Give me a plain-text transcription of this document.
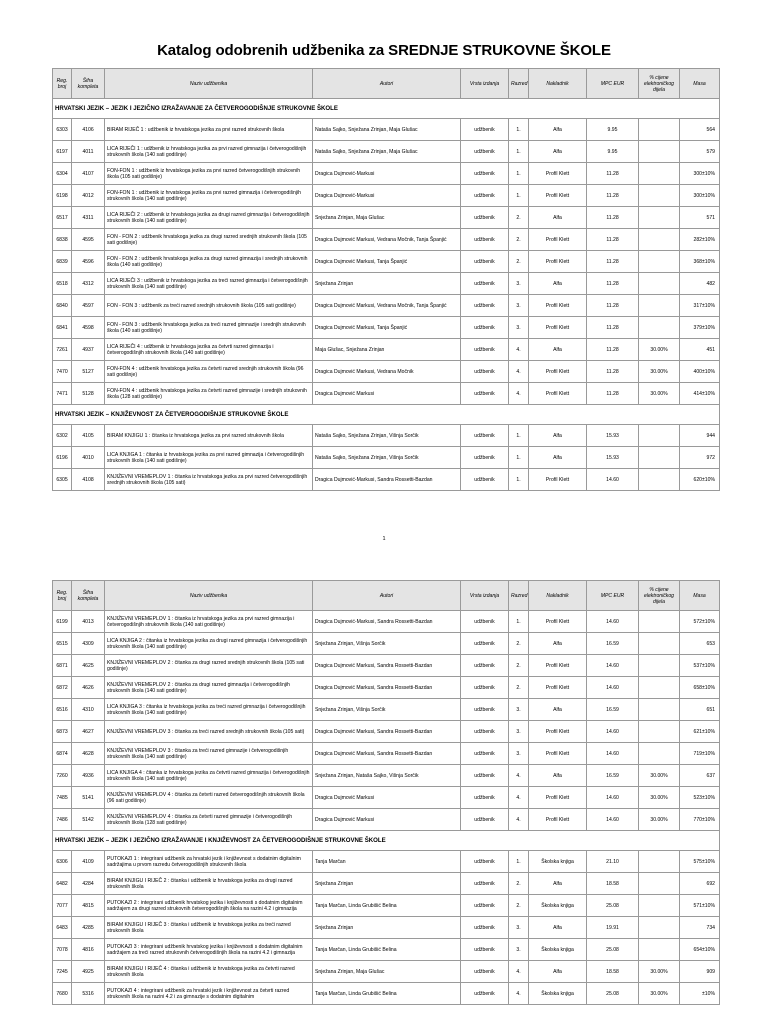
Katalog odobrenih udžbenika za SREDNJE STRUKOVNE ŠKOLE
Reg. broj	Šifra kompleta	Naziv udžbenika	Autori	Vrsta izdanja	Razred	Nakladnik	MPC EUR	% cijene elektroničkog dijela	Masa
HRVATSKI JEZIK – JEZIK I JEZIČNO IZRAŽAVANJE ZA ČETVEROGODIŠNJE STRUKOVNE ŠKOLE									
6303	4106	BIRAM RIJEČ 1 : udžbenik iz hrvatskoga jezika za prvi razred strukovnih škola	Nataša Sajko, Snježana Zrinjan, Maja Glušac	udžbenik	1.	Alfa	9.95		564
6197	4011	LICA RIJEČI 1 : udžbenik iz hrvatskoga jezika za prvi razred gimnazija i četverogodišnjih strukovnih škola (140 sati godišnje)	Nataša Sajko, Snježana Zrinjan, Maja Glušac	udžbenik	1.	Alfa	9.95		579
6304	4107	FON-FON 1 : udžbenik iz hrvatskoga jezika za prvi razred četverogodišnjih strukovnih škola (105 sati godišnje)	Dragica Dujmović-Markusi	udžbenik	1.	Profil Klett	11.28		300±10%
6198	4012	FON-FON 1 : udžbenik iz hrvatskoga jezika za prvi razred gimnazija i četverogodišnjih strukovnih škola (140 sati godišnje)	Dragica Dujmović-Markusi	udžbenik	1.	Profil Klett	11.28		300±10%
6517	4311	LICA RIJEČI 2 : udžbenik iz hrvatskoga jezika za drugi razred gimnazija i četverogodišnjih strukovnih škola (140 sati godišnje)	Snježana Zrinjan, Maja Glušac	udžbenik	2.	Alfa	11.28		571
6838	4595	FON - FON 2 : udžbenik hrvatskoga jezika za drugi razred srednjih strukovnih škola (105 sati godišnje)	Dragica Dujmović Markusi, Vedrana Močnik, Tanja Španjić	udžbenik	2.	Profil Klett	11.28		282±10%
6839	4596	FON - FON 2 : udžbenik hrvatskoga jezika za drugi razred gimnazija i srednjih strukovnih škola (140 sati godišnje)	Dragica Dujmović Markusi, Tanja Španjić	udžbenik	2.	Profil Klett	11.28		368±10%
6518	4312	LICA RIJEČI 3 : udžbenik iz hrvatskoga jezika za treći razred gimnazija i četverogodišnjih strukovnih škola (140 sati godišnje)	Snježana Zrinjan	udžbenik	3.	Alfa	11.28		482
6840	4597	FON - FON 3 : udžbenik za treći razred srednjih strukovnih škola (105 sati godišnje)	Dragica Dujmović Markusi, Vedrana Močnik, Tanja Španjić	udžbenik	3.	Profil Klett	11.28		317±10%
6841	4598	FON - FON 3 : udžbenik hrvatskoga jezika za treći razred gimnazije i srednjih strukovnih škola (140 sati godišnje)	Dragica Dujmović Markusi, Tanja Španjić	udžbenik	3.	Profil Klett	11.28		379±10%
7261	4937	LICA RIJEČI 4 : udžbenik iz hrvatskoga jezika za četvrti razred gimnazija i četverogodišnjih strukovnih škola (140 sati godišnje)	Maja Glušac, Snježana Zrinjan	udžbenik	4.	Alfa	11.28	30.00%	451
7470	5127	FON-FON 4 : udžbenik hrvatskoga jezika za četvrti razred srednjih strukovnih škola (96 sati godišnje)	Dragica Dujmović Markusi, Vedrana Močnik	udžbenik	4.	Profil Klett	11.28	30.00%	400±10%
7471	5128	FON-FON 4 : udžbenik hrvatskoga jezika za četvrti razred gimnazije i srednjih strukovnih škola (128 sati godišnje)	Dragica Dujmović Markusi	udžbenik	4.	Profil Klett	11.28	30.00%	414±10%
HRVATSKI JEZIK – KNJIŽEVNOST ZA ČETVEROGODIŠNJE STRUKOVNE ŠKOLE									
6302	4105	BIRAM KNJIGU 1 : čitanka iz hrvatskoga jezika za prvi razred strukovnih škola	Nataša Sajko, Snježana Zrinjan, Višnja Sorčik	udžbenik	1.	Alfa	15.93		944
6196	4010	LICA KNJIGA 1 : čitanka iz hrvatskoga jezika za prvi razred gimnazija i četverogodišnjih strukovnih škola (140 sati godišnje)	Nataša Sajko, Snježana Zrinjan, Višnja Sorčik	udžbenik	1.	Alfa	15.93		972
6305	4108	KNJIŽEVNI VREMEPLOV 1 : čitanka iz hrvatskoga jezika za prvi razred četverogodišnjih srednjih strukovnih škola (105 sati)	Dragica Dujmović-Markusi, Sandra Rossetti-Bazdan	udžbenik	1.	Profil Klett	14.60		620±10%
1
Reg. broj	Šifra kompleta	Naziv udžbenika	Autori	Vrsta izdanja	Razred	Nakladnik	MPC EUR	% cijene elektroničkog dijela	Masa
6199	4013	KNJIŽEVNI VREMEPLOV 1 : čitanka iz hrvatskoga jezika za prvi razred gimnazija i četverogodišnjih strukovnih škola (140 sati godišnje)	Dragica Dujmović-Markusi, Sandra Rossetti-Bazdan	udžbenik	1.	Profil Klett	14.60		572±10%
6515	4309	LICA KNJIGA 2 : čitanka iz hrvatskoga jezika za drugi razred gimnazija i četverogodišnjih strukovnih škola (140 sati godišnje)	Snježana Zrinjan, Višnja Sorčik	udžbenik	2.	Alfa	16.59		653
6871	4625	KNJIŽEVNI VREMEPLOV 2 : čitanka za drugi razred srednjih strukovnih škola (105 sati godišnje)	Dragica Dujmović Markusi, Sandra Rossetti-Bazdan	udžbenik	2.	Profil Klett	14.60		537±10%
6872	4626	KNJIŽEVNI VREMEPLOV 2 : čitanka za drugi razred gimnazija i četverogodišnjih strukovnih škola (140 sati godišnje)	Dragica Dujmović Markusi, Sandra Rossetti-Bazdan	udžbenik	2.	Profil Klett	14.60		658±10%
6516	4310	LICA KNJIGA 3 : čitanka iz hrvatskoga jezika za treći razred gimnazija i četverogodišnjih strukovnih škola (140 sati godišnje)	Snježana Zrinjan, Višnja Sorčik	udžbenik	3.	Alfa	16.59		651
6873	4627	KNJIŽEVNI VREMEPLOV 3 : čitanka za treći razred srednjih strukovnih škola (105 sati)	Dragica Dujmović Markusi, Sandra Rossetti-Bazdan	udžbenik	3.	Profil Klett	14.60		621±10%
6874	4628	KNJIŽEVNI VREMEPLOV 3 : čitanka za treći razred gimnazije i četverogodišnjih strukovnih škola (140 sati godišnje)	Dragica Dujmović Markusi, Sandra Rossetti-Bazdan	udžbenik	3.	Profil Klett	14.60		719±10%
7260	4936	LICA KNJIGA 4 : čitanka iz hrvatskoga jezika za četvrti razred gimnazija i četverogodišnjih strukovnih škola (140 sati godišnje)	Snježana Zrinjan, Nataša Sajko, Višnja Sorčik	udžbenik	4.	Alfa	16.59	30.00%	637
7485	5141	KNJIŽEVNI VREMEPLOV 4 : čitanka za četvrti razred četverogodišnjih strukovnih škola (96 sati godišnje)	Dragica Dujmović Markusi	udžbenik	4.	Profil Klett	14.60	30.00%	523±10%
7486	5142	KNJIŽEVNI VREMEPLOV 4 : čitanka za četvrti razred gimnazije i četverogodišnjih strukovnih škola (128 sati godišnje)	Dragica Dujmović Markusi	udžbenik	4.	Profil Klett	14.60	30.00%	770±10%
HRVATSKI JEZIK – JEZIK I JEZIČNO IZRAŽAVANJE I KNJIŽEVNOST ZA ČETVEROGODIŠNJE STRUKOVNE ŠKOLE									
6306	4109	PUTOKAZI 1 : integrirani udžbenik za hrvatski jezik i književnost s dodatnim digitalnim sadržajima u prvom razredu četverogodišnjih strukovnih škola	Tanja Marčan	udžbenik	1.	Školska knjiga	21.10		575±10%
6482	4284	BIRAM KNJIGU I RIJEČ 2 : čitanka i udžbenik iz hrvatskoga jezika za drugi razred strukovnih škola	Snježana Zrinjan	udžbenik	2.	Alfa	18.58		692
7077	4815	PUTOKAZI 2 : integrirani udžbenik hrvatskog jezika i književnosti s dodatnim digitalnim sadržajem za drugi razred strukovnih četverogodišnjih škola na razini 4.2 i gimnazija	Tanja Marčan, Linda Grubišić Belina	udžbenik	2.	Školska knjiga	25.08		571±10%
6483	4285	BIRAM KNJIGU I RIJEČ 3 : čitanka i udžbenik iz hrvatskoga jezika za treći razred strukovnih škola	Snježana Zrinjan	udžbenik	3.	Alfa	19.91		734
7078	4816	PUTOKAZI 3 : integrirani udžbenik hrvatskog jezika i književnosti s dodatnim digitalnim sadržajem za treći razred strukovnih četverogodišnjih škola na razini 4.2 i gimnazija	Tanja Marčan, Linda Grubišić Belina	udžbenik	3.	Školska knjiga	25.08		654±10%
7245	4925	BIRAM KNJIGU I RIJEČ 4 : čitanka i udžbenik iz hrvatskoga jezika za četvrti razred strukovnih škola	Snježana Zrinjan, Maja Glušac	udžbenik	4.	Alfa	18.58	30.00%	909
7680	5316	PUTOKAZI 4 : integrirani udžbenik za hrvatski jezik i književnost za četvrti razred strukovnih škola na razini 4.2 i za gimnazije s dodatnim digitalnim	Tanja Marčan, Linda Grubišić Belina	udžbenik	4.	Školska knjiga	25.08	30.00%	±10%
